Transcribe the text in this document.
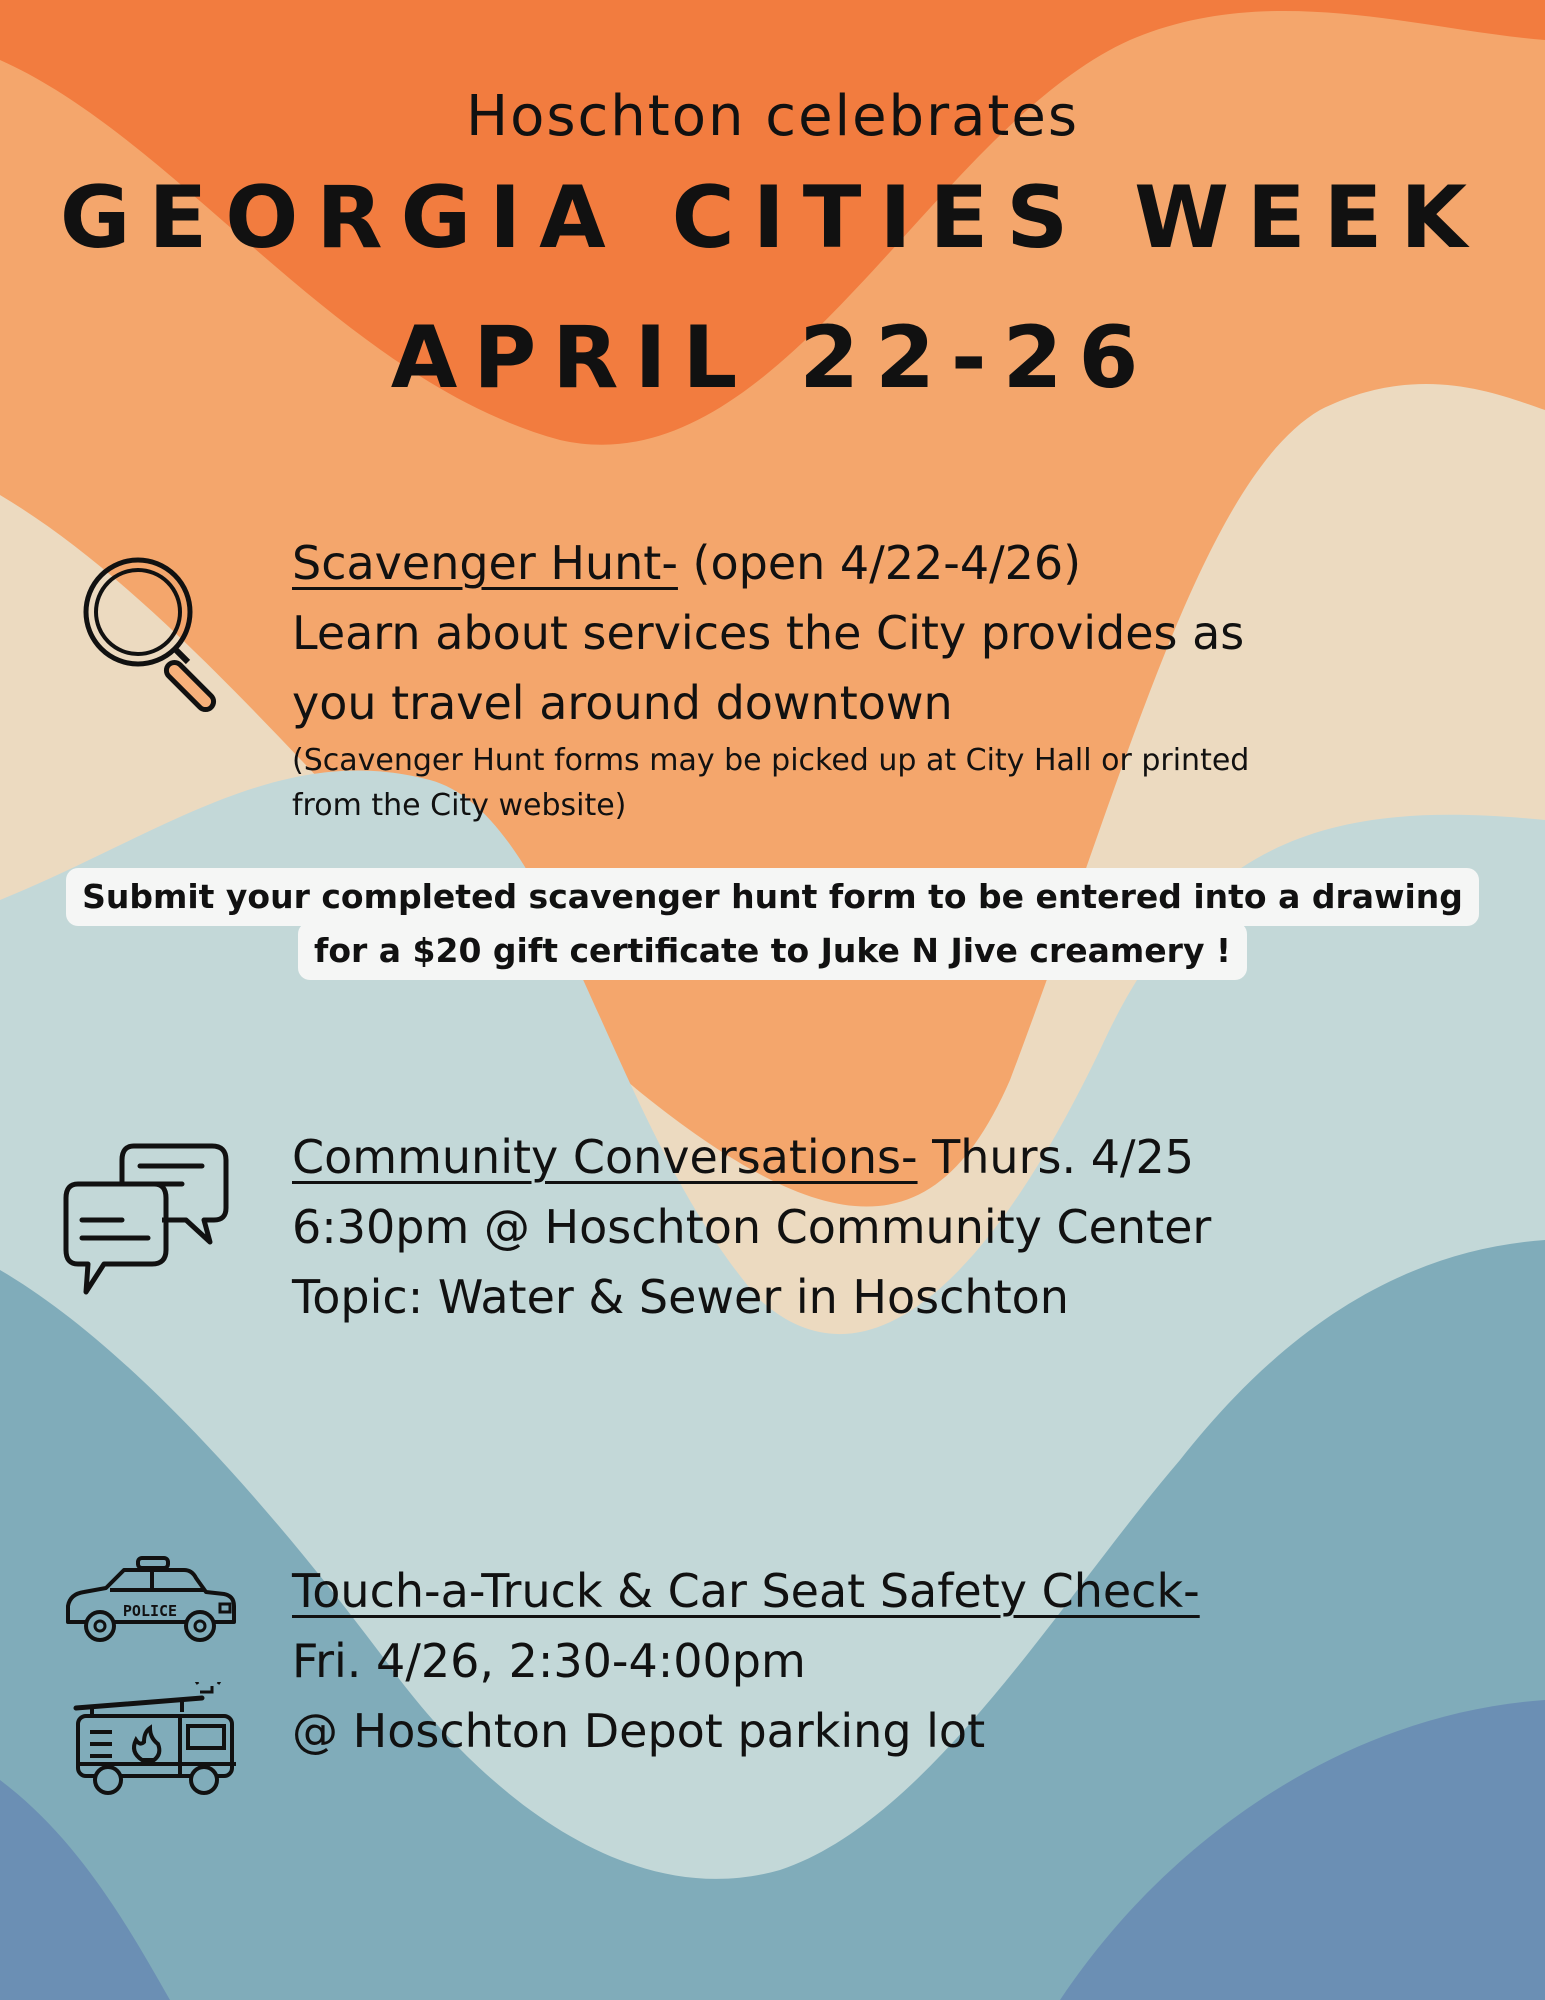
Hoschton celebrates
GEORGIA CITIES WEEK
APRIL 22-26
Scavenger Hunt- (open 4/22-4/26)
Learn about services the City provides as
you travel around downtown
(Scavenger Hunt forms may be picked up at City Hall or printed
from the City website)
Submit your completed scavenger hunt form to be entered into a drawing
for a $20 gift certificate to Juke N Jive creamery !
Community Conversations- Thurs. 4/25
6:30pm @ Hoschton Community Center
Topic: Water & Sewer in Hoschton
POLICE Touch-a-Truck & Car Seat Safety Check-
Fri. 4/26, 2:30-4:00pm
@ Hoschton Depot parking lot
